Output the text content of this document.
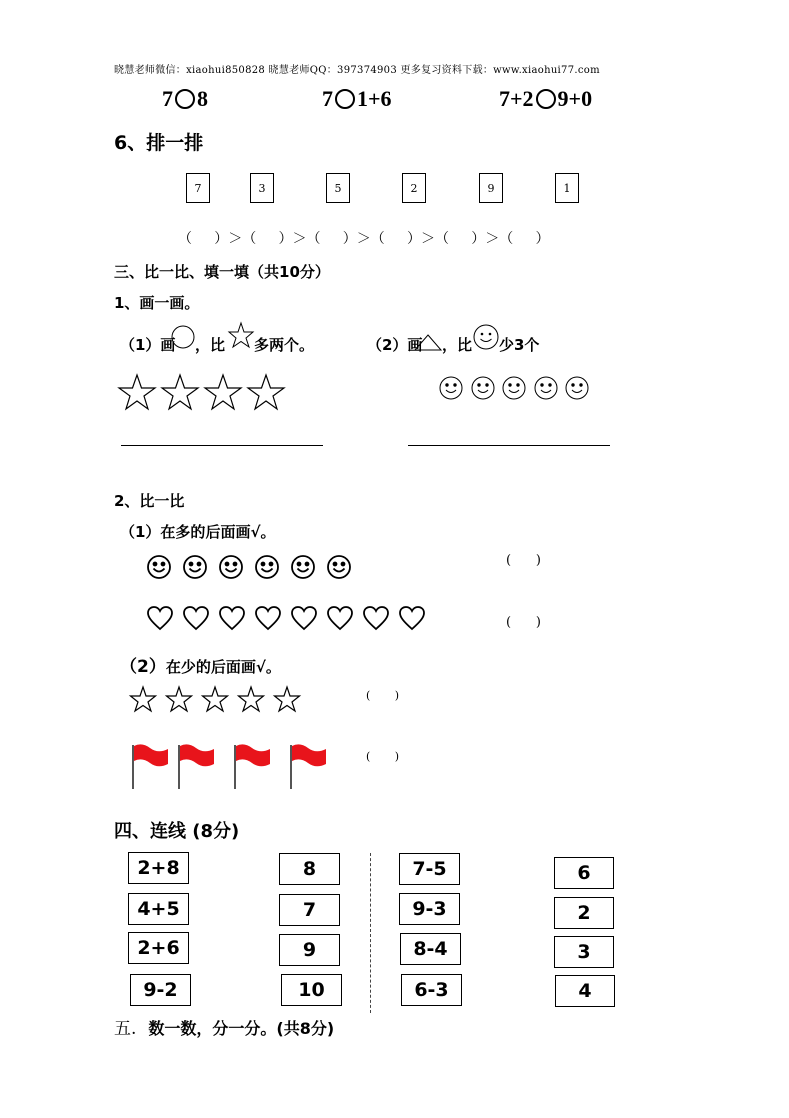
晓慧老师微信：xiaohui850828 晓慧老师QQ：397374903 更多复习资料下载：www.xiaohui77.com
7 8	7 1+6	7+2 9+0
6、排一排
7	3	5	2	9	1
（     ）＞（     ）＞（     ）＞（     ）＞（     ）＞（     ）
三、比一比、填一填（共10分）
1、画一画。
（1）画 ，比 多两个。	（2）画 ，比 少3个
2、比一比
（1）在多的后面画√。
(      )
(      )
（2） 在少的后面画√。
(       )
(       )
四、连线 (8分)
2+8
4+5
2+6
9-2
8
7
9
10
7-5
9-3
8-4
6-3
6
2
3
4
五. 数一数，分一分。(共8分)
